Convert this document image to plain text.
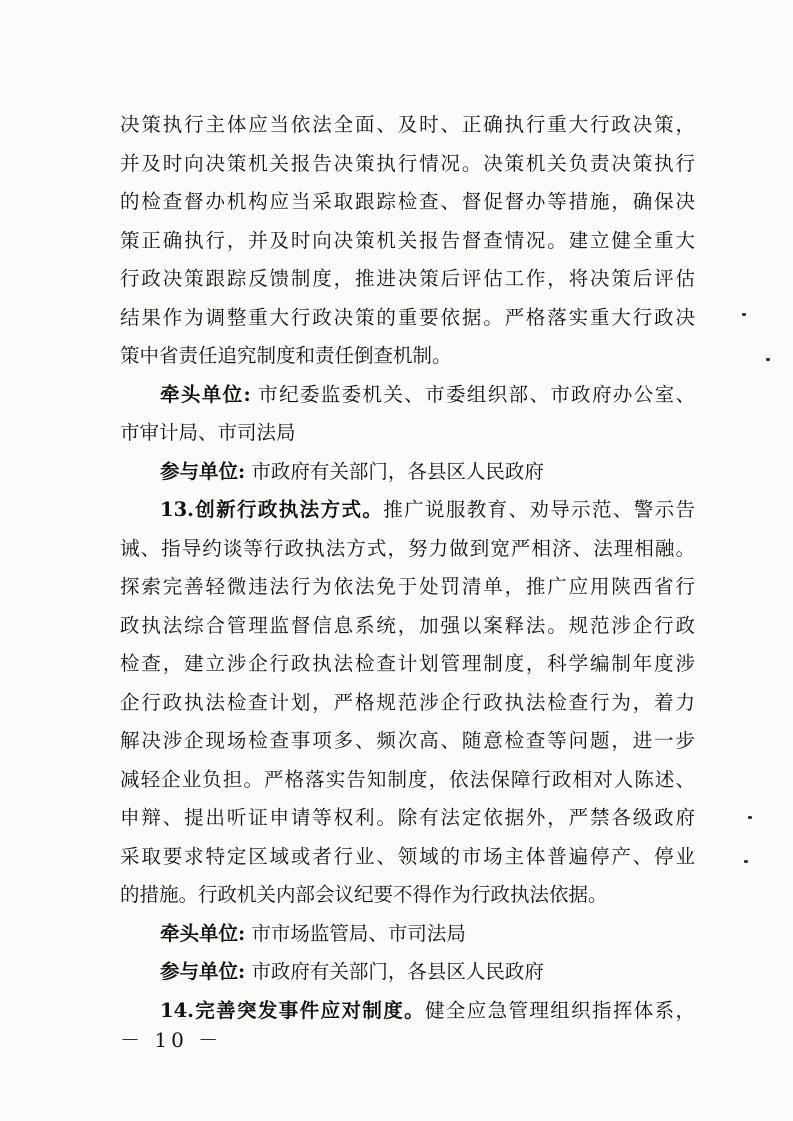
决策执行主体应当依法全面、及时、正确执行重大行政决策，
并及时向决策机关报告决策执行情况。决策机关负责决策执行
的检查督办机构应当采取跟踪检查、督促督办等措施，确保决
策正确执行，并及时向决策机关报告督查情况。建立健全重大
行政决策跟踪反馈制度，推进决策后评估工作，将决策后评估
结果作为调整重大行政决策的重要依据。严格落实重大行政决
策中省责任追究制度和责任倒查机制。
牵头单位: 市纪委监委机关、市委组织部、市政府办公室、
市审计局、市司法局
参与单位: 市政府有关部门，各县区人民政府
13.创新行政执法方式。推广说服教育、劝导示范、警示告
诫、指导约谈等行政执法方式，努力做到宽严相济、法理相融。
探索完善轻微违法行为依法免于处罚清单，推广应用陕西省行
政执法综合管理监督信息系统，加强以案释法。规范涉企行政
检查，建立涉企行政执法检查计划管理制度，科学编制年度涉
企行政执法检查计划，严格规范涉企行政执法检查行为，着力
解决涉企现场检查事项多、频次高、随意检查等问题，进一步
减轻企业负担。严格落实告知制度，依法保障行政相对人陈述、
申辩、提出听证申请等权利。除有法定依据外，严禁各级政府
采取要求特定区域或者行业、领域的市场主体普遍停产、停业
的措施。行政机关内部会议纪要不得作为行政执法依据。
牵头单位: 市市场监管局、市司法局
参与单位: 市政府有关部门，各县区人民政府
14.完善突发事件应对制度。健全应急管理组织指挥体系，
－ 10 －
